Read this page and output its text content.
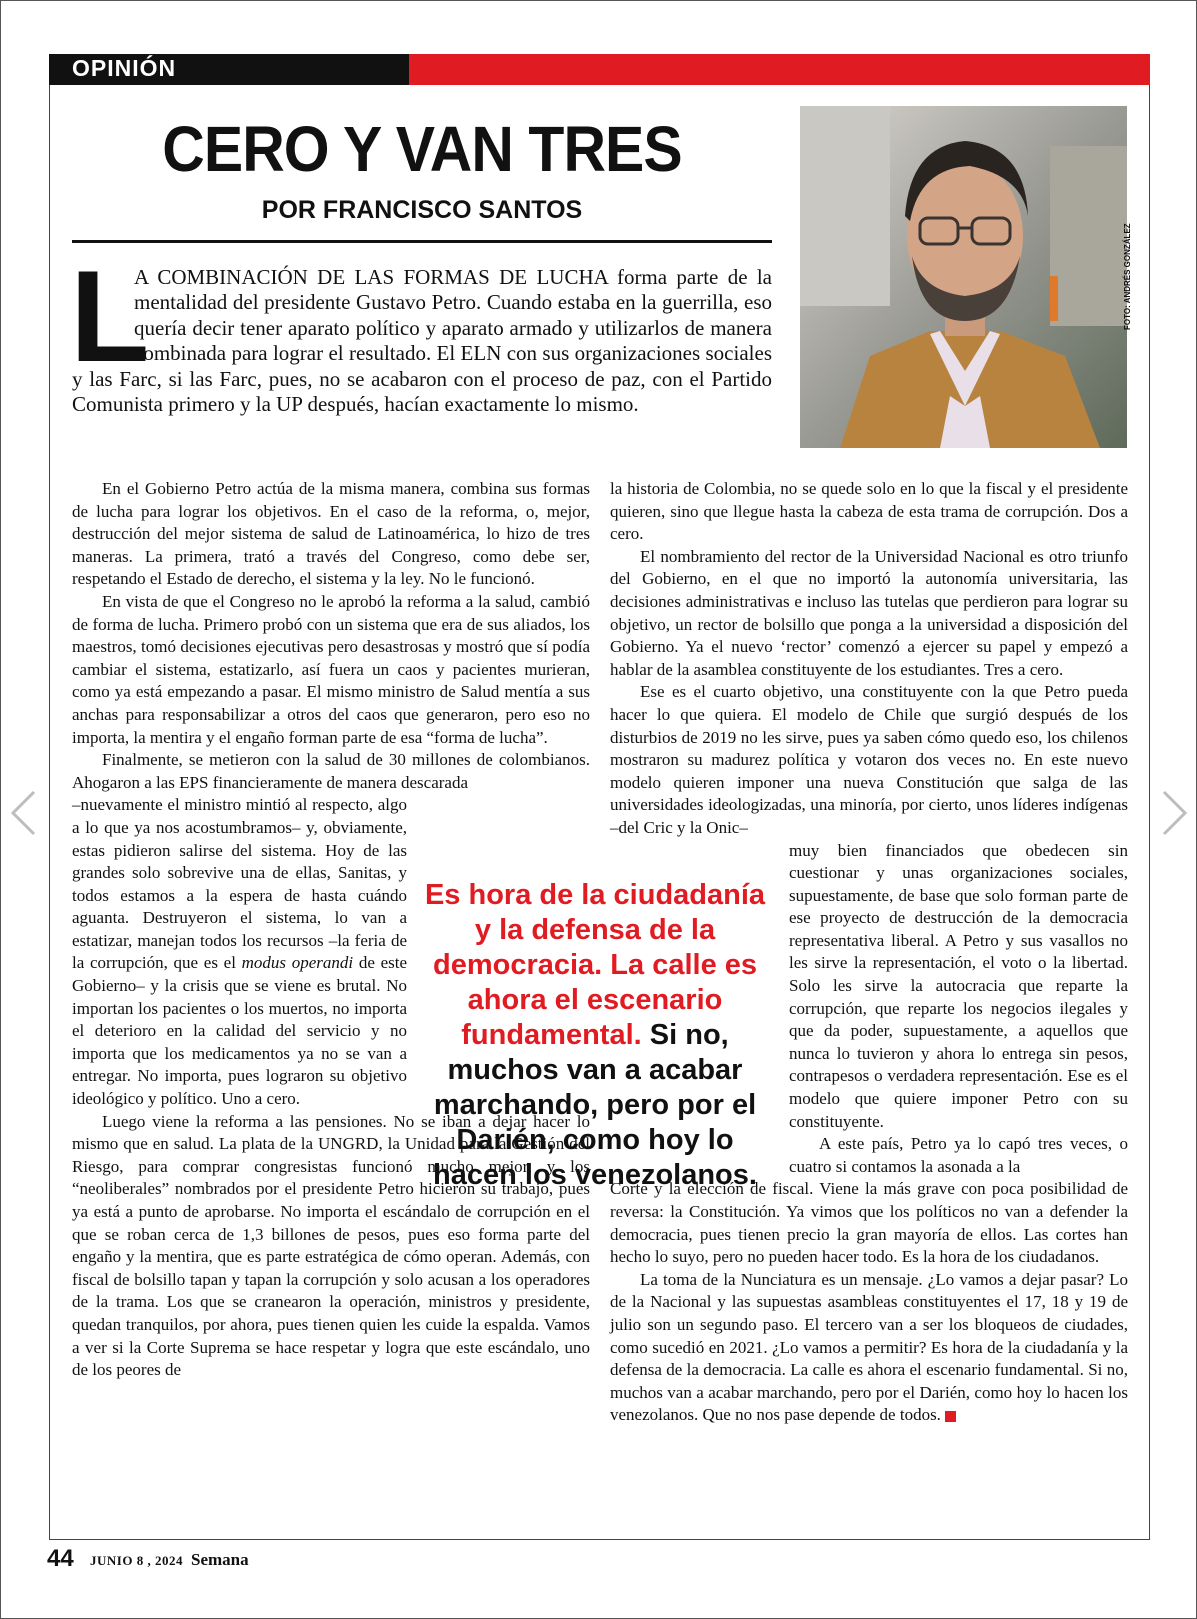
OPINIÓN
CERO Y VAN TRES
POR FRANCISCO SANTOS
L
A COMBINACIÓN DE LAS FORMAS DE LUCHA forma parte de la mentalidad del presidente Gustavo Petro. Cuando estaba en la guerrilla, eso quería decir tener aparato político y aparato armado y utilizarlos de manera combinada para lograr el resultado. El ELN con sus organizaciones sociales y las Farc, si las Farc, pues, no se acabaron con el proceso de paz, con el Partido Comunista primero y la UP después, hacían exactamente lo mismo.
FOTO: ANDRÉS GONZÁLEZ

En el Gobierno Petro actúa de la misma manera, combina sus formas de lucha para lograr los objetivos. En el caso de la reforma, o, mejor, destrucción del mejor sistema de salud de Latinoamérica, lo hizo de tres maneras. La primera, trató a través del Congreso, como debe ser, respetando el Estado de derecho, el sistema y la ley. No le funcionó.

En vista de que el Congreso no le aprobó la reforma a la salud, cambió de forma de lucha. Primero probó con un sistema que era de sus aliados, los maestros, tomó decisiones ejecutivas pero desastrosas y mostró que sí podía cambiar el sistema, estatizarlo, así fuera un caos y pacientes murieran, como ya está empezando a pasar. El mismo ministro de Salud mentía a sus anchas para responsabilizar a otros del caos que generaron, pero eso no importa, la mentira y el engaño forman parte de esa “forma de lucha”.

Finalmente, se metieron con la salud de 30 millones de colombianos. Ahogaron a las EPS financieramente de manera descarada

–nuevamente el ministro mintió al respecto, algo a lo que ya nos acostumbramos– y, obviamente, estas pidieron salirse del sistema. Hoy de las grandes solo sobrevive una de ellas, Sanitas, y todos estamos a la espera de hasta cuándo aguanta. Destruyeron el sistema, lo van a estatizar, manejan todos los recursos –la feria de la corrupción, que es el modus operandi de este Gobierno– y la crisis que se viene es brutal. No importan los pacientes o los muertos, no importa el deterioro en la calidad del servicio y no importa que los medicamentos ya no se van a entregar. No importa, pues lograron su objetivo ideológico y político. Uno a cero.

Luego viene la reforma a las pensiones. No se iban a dejar hacer lo mismo que en salud. La plata de la UNGRD, la Unidad para la Gestión del Riesgo, para comprar congresistas funcionó mucho mejor, y los “neoliberales” nombrados por el presidente Petro hicieron su trabajo, pues ya está a punto de aprobarse. No importa el escándalo de corrupción en el que se roban cerca de 1,3 billones de pesos, pues eso forma parte del engaño y la mentira, que es parte estratégica de cómo operan. Además, con fiscal de bolsillo tapan y tapan la corrupción y solo acusan a los operadores de la trama. Los que se cranearon la operación, ministros y presidente, quedan tranquilos, por ahora, pues tienen quien les cuide la espalda. Vamos a ver si la Corte Suprema se hace respetar y logra que este escándalo, uno de los peores de

la historia de Colombia, no se quede solo en lo que la fiscal y el presidente quieren, sino que llegue hasta la cabeza de esta trama de corrupción. Dos a cero.

El nombramiento del rector de la Universidad Nacional es otro triunfo del Gobierno, en el que no importó la autonomía universitaria, las decisiones administrativas e incluso las tutelas que perdieron para lograr su objetivo, un rector de bolsillo que ponga a la universidad a disposición del Gobierno. Ya el nuevo ‘rector’ comenzó a ejercer su papel y empezó a hablar de la asamblea constituyente de los estudiantes. Tres a cero.

Ese es el cuarto objetivo, una constituyente con la que Petro pueda hacer lo que quiera. El modelo de Chile que surgió después de los disturbios de 2019 no les sirve, pues ya saben cómo quedo eso, los chilenos mostraron su madurez política y votaron dos veces no. En este nuevo modelo quieren imponer una nueva Constitución que salga de las universidades ideologizadas, una minoría, por cierto, unos líderes indígenas –del Cric y la Onic–

muy bien financiados que obedecen sin cuestionar y unas organizaciones sociales, supuestamente, de base que solo forman parte de ese proyecto de destrucción de la democracia representativa liberal. A Petro y sus vasallos no les sirve la representación, el voto o la libertad. Solo les sirve la autocracia que reparte la corrupción, que reparte los negocios ilegales y que da poder, supuestamente, a aquellos que nunca lo tuvieron y ahora lo entrega sin pesos, contrapesos o verdadera representación. Ese es el modelo que quiere imponer Petro con su constituyente.

A este país, Petro ya lo capó tres veces, o cuatro si contamos la asonada a la

Corte y la elección de fiscal. Viene la más grave con poca posibilidad de reversa: la Constitución. Ya vimos que los políticos no van a defender la democracia, pues tienen precio la gran mayoría de ellos. Las cortes han hecho lo suyo, pero no pueden hacer todo. Es la hora de los ciudadanos.

La toma de la Nunciatura es un mensaje. ¿Lo vamos a dejar pasar? Lo de la Nacional y las supuestas asambleas constituyentes el 17, 18 y 19 de julio son un segundo paso. El tercero van a ser los bloqueos de ciudades, como sucedió en 2021. ¿Lo vamos a permitir? Es hora de la ciudadanía y la defensa de la democracia. La calle es ahora el escenario fundamental. Si no, muchos van a acabar marchando, pero por el Darién, como hoy lo hacen los venezolanos. Que no nos pase depende de todos.

Es hora de la ciudadanía y la defensa de la democracia. La calle es ahora el escenario fundamental. Si no, muchos van a acabar marchando, pero por el Darién, como hoy lo hacen los venezolanos.
44 JUNIO 8 , 2024 Semana
